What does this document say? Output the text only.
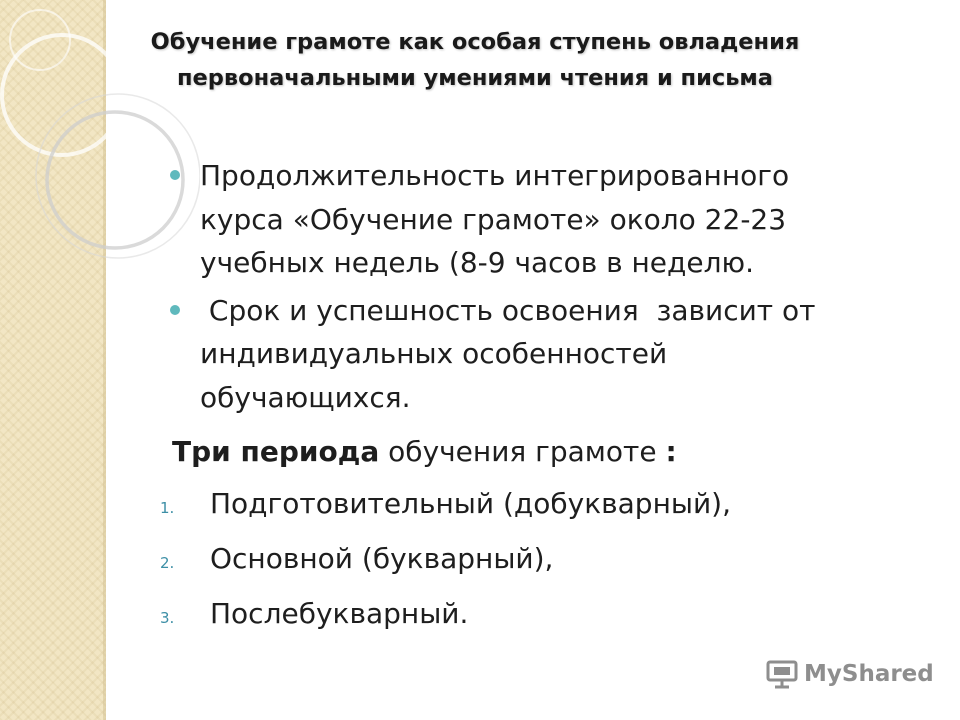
Обучение грамоте как особая ступень овладения
первоначальными умениями чтения и письма
Продолжительность интегрированного
курса «Обучение грамоте» около 22-23
учебных недель (8-9 часов в неделю.
Срок и успешность освоения  зависит от
индивидуальных особенностей
обучающихся.

Три периода обучения грамоте :

1.	Подготовительный (добукварный),
2.	Основной (букварный),
3.	Послебукварный.
MyShared
